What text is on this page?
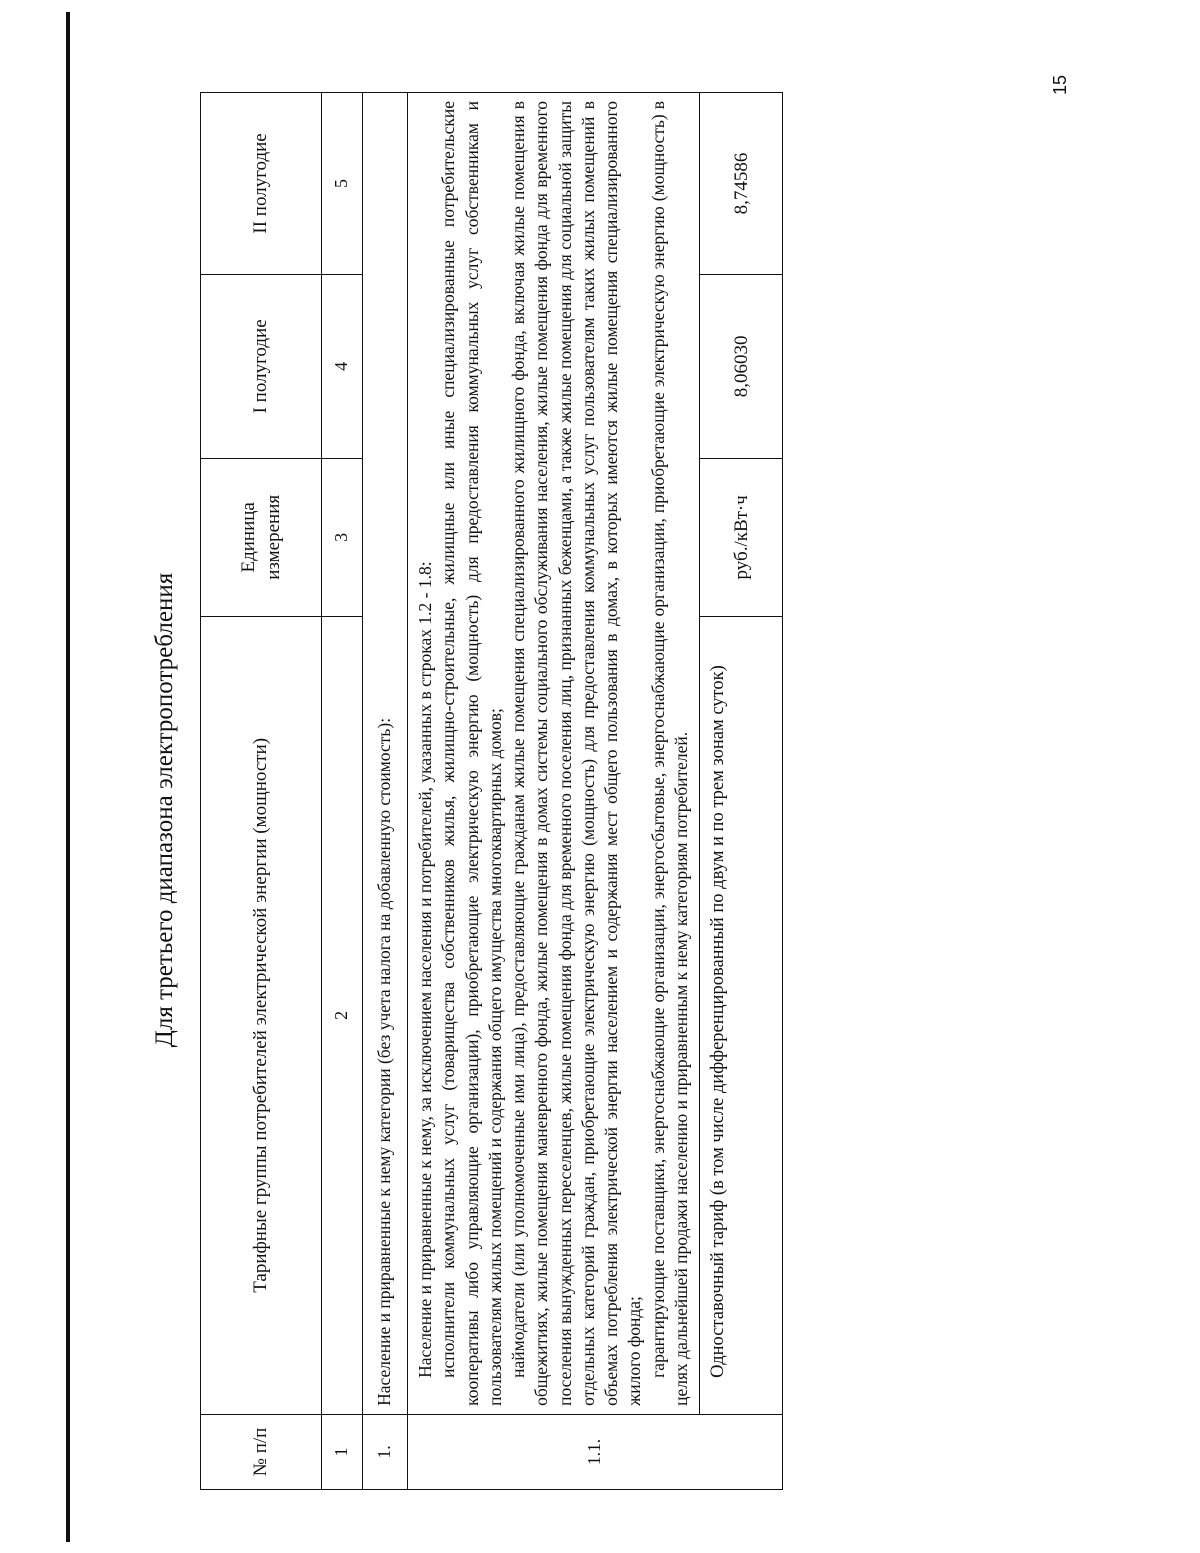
15
Для третьего диапазона электропотребления
№ п/п	Тарифные группы потребителей электрической энергии (мощности)	Единица измерения	I полугодие	II полугодие
1	2	3	4	5
1.	Население и приравненные к нему категории (без учета налога на добавленную стоимость):			
1.1.	Население и приравненные к нему, за исключением населения и потребителей, указанных в строках 1.2 - 1.8: исполнители коммунальных услуг (товарищества собственников жилья, жилищно-строительные, жилищные или иные специализированные потребительские кооперативы либо управляющие организации), приобретающие электрическую энергию (мощность) для предоставления коммунальных услуг собственникам и пользователям жилых помещений и содержания общего имущества многоквартирных домов; наймодатели (или уполномоченные ими лица), предоставляющие гражданам жилые помещения специализированного жилищного фонда, включая жилые помещения в общежитиях, жилые помещения маневренного фонда, жилые помещения в домах системы социального обслуживания населения, жилые помещения фонда для временного поселения вынужденных переселенцев, жилые помещения фонда для временного поселения лиц, признанных беженцами, а также жилые помещения для социальной защиты отдельных категорий граждан, приобретающие электрическую энергию (мощность) для предоставления коммунальных услуг пользователям таких жилых помещений в объемах потребления электрической энергии населением и содержания мест общего пользования в домах, в которых имеются жилые помещения специализированного жилого фонда; гарантирующие поставщики, энергоснабжающие организации, энергосбытовые, энергоснабжающие организации, приобретающие электрическую энергию (мощность) в целях дальнейшей продажи населению и приравненным к нему категориям потребителей.			

	Одноставочный тариф (в том числе дифференцированный по двум и по трем зонам суток)	руб./кВт·ч	8,06030	8,74586
